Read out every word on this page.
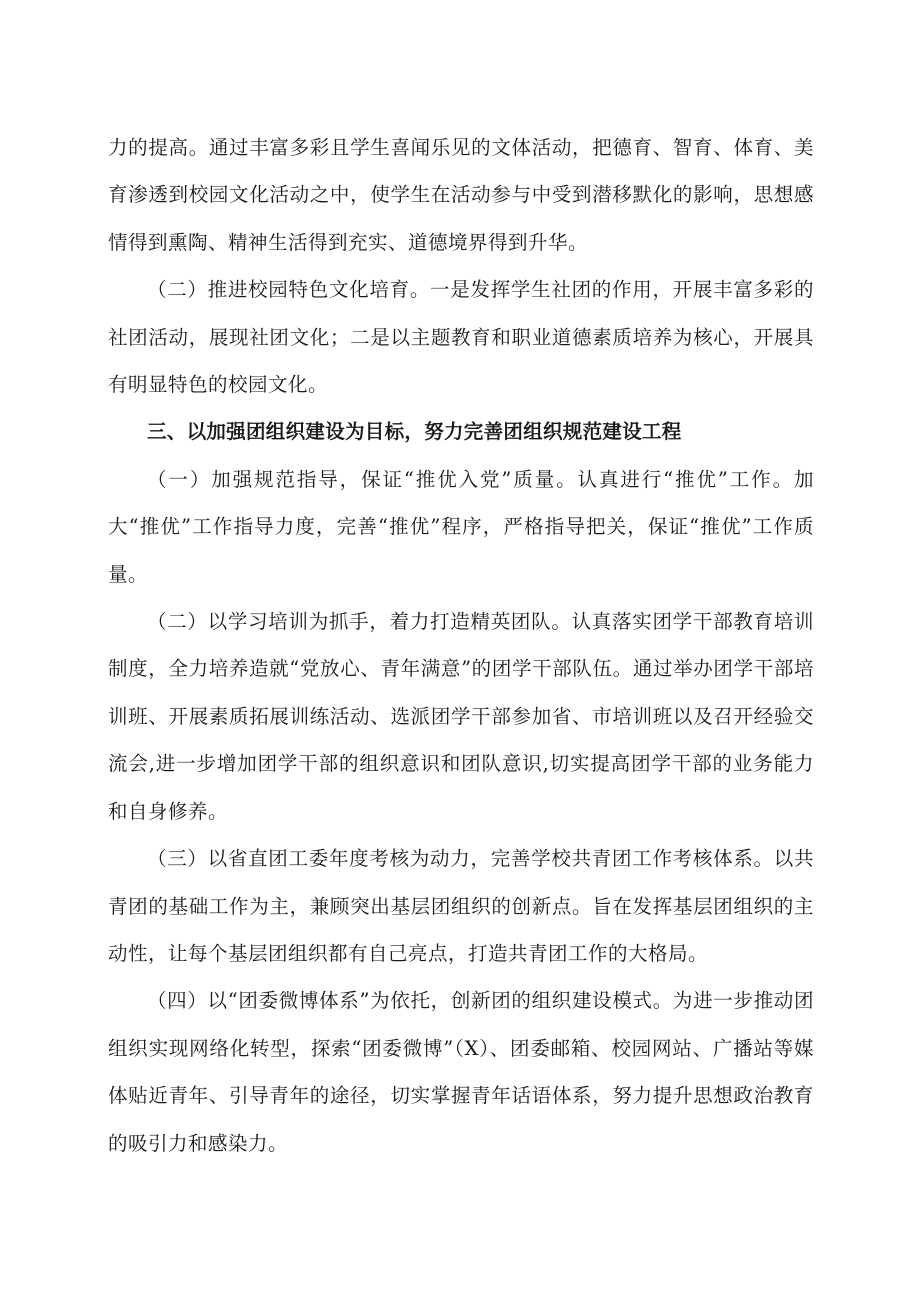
力的提高。通过丰富多彩且学生喜闻乐见的文体活动，把德育、智育、体育、美育渗透到校园文化活动之中，使学生在活动参与中受到潜移默化的影响，思想感情得到熏陶、精神生活得到充实、道德境界得到升华。

（二）推进校园特色文化培育。一是发挥学生社团的作用，开展丰富多彩的社团活动，展现社团文化；二是以主题教育和职业道德素质培养为核心，开展具有明显特色的校园文化。

三、以加强团组织建设为目标，努力完善团组织规范建设工程

（一）加强规范指导，保证“推优入党”质量。认真进行“推优”工作。加大“推优”工作指导力度，完善“推优”程序，严格指导把关，保证“推优”工作质量。

（二）以学习培训为抓手，着力打造精英团队。认真落实团学干部教育培训制度，全力培养造就“党放心、青年满意”的团学干部队伍。通过举办团学干部培训班、开展素质拓展训练活动、选派团学干部参加省、市培训班以及召开经验交流会,进一步增加团学干部的组织意识和团队意识,切实提高团学干部的业务能力和自身修养。

（三）以省直团工委年度考核为动力，完善学校共青团工作考核体系。以共青团的基础工作为主，兼顾突出基层团组织的创新点。旨在发挥基层团组织的主动性，让每个基层团组织都有自己亮点，打造共青团工作的大格局。

（四）以“团委微博体系”为依托，创新团的组织建设模式。为进一步推动团组织实现网络化转型，探索“团委微博”（X）、团委邮箱、校园网站、广播站等媒体贴近青年、引导青年的途径，切实掌握青年话语体系，努力提升思想政治教育的吸引力和感染力。
